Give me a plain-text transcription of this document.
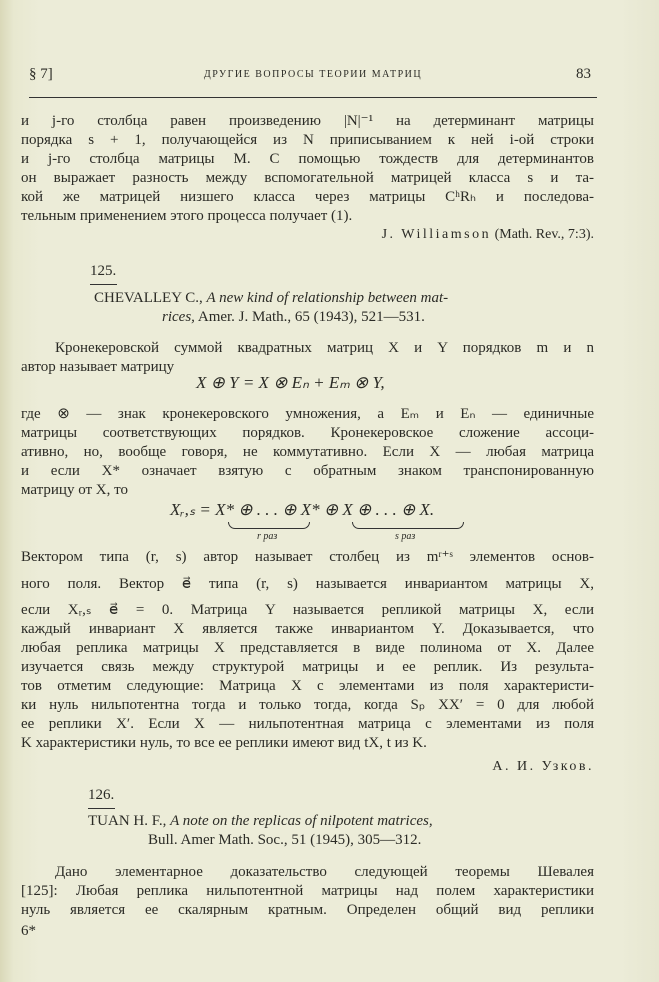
§ 7]	ДРУГИЕ ВОПРОСЫ ТЕОРИИ МАТРИЦ	83
и j-го столбца равен произведению |N|⁻¹ на детерминант матрицы
порядка s + 1, получающейся из N приписыванием к ней i-ой строки
и j-го столбца матрицы M. С помощью тождеств для детерминантов
он выражает разность между вспомогательной матрицей класса s и та-
кой же матрицей низшего класса через матрицы CʰRₕ и последова-
тельным применением этого процесса получает (1).
J. Williamson (Math. Rev., 7:3).
125.
CHEVALLEY C., A new kind of relationship between mat-
rices, Amer. J. Math., 65 (1943), 521—531.
Кронекеровской суммой квадратных матриц X и Y порядков m и n
автор называет матрицу
X ⊕ Y = X ⊗ Eₙ + Eₘ ⊗ Y,
где ⊗ — знак кронекеровского умножения, а Eₘ и Eₙ — единичные
матрицы соответствующих порядков. Кронекеровское сложение ассоци-
ативно, но, вообще говоря, не коммутативно. Если X — любая матрица
и если X* означает взятую с обратным знаком транспонированную
матрицу от X, то
Xᵣ,ₛ = X* ⊕ . . . ⊕ X* ⊕ X ⊕ . . . ⊕ X.
r раз	s раз
Вектором типа (r, s) автор называет столбец из mʳ⁺ˢ элементов основ-
ного поля. Вектор e⃗ типа (r, s) называется инвариантом матрицы X,
если Xᵣ,ₛ e⃗ = 0. Матрица Y называется репликой матрицы X, если
каждый инвариант X является также инвариантом Y. Доказывается, что
любая реплика матрицы X представляется в виде полинома от X. Далее
изучается связь между структурой матрицы и ее реплик. Из результа-
тов отметим следующие: Матрица X с элементами из поля характеристи-
ки нуль нильпотентна тогда и только тогда, когда Sₚ XX′ = 0 для любой
ее реплики X′. Если X — нильпотентная матрица с элементами из поля
K характеристики нуль, то все ее реплики имеют вид tX, t из K.
А. И. Узков.
126.
TUAN H. F., A note on the replicas of nilpotent matrices,
Bull. Amer Math. Soc., 51 (1945), 305—312.
Дано элементарное доказательство следующей теоремы Шевалея
[125]: Любая реплика нильпотентной матрицы над полем характеристики
нуль является ее скалярным кратным. Определен общий вид реплики
6*
